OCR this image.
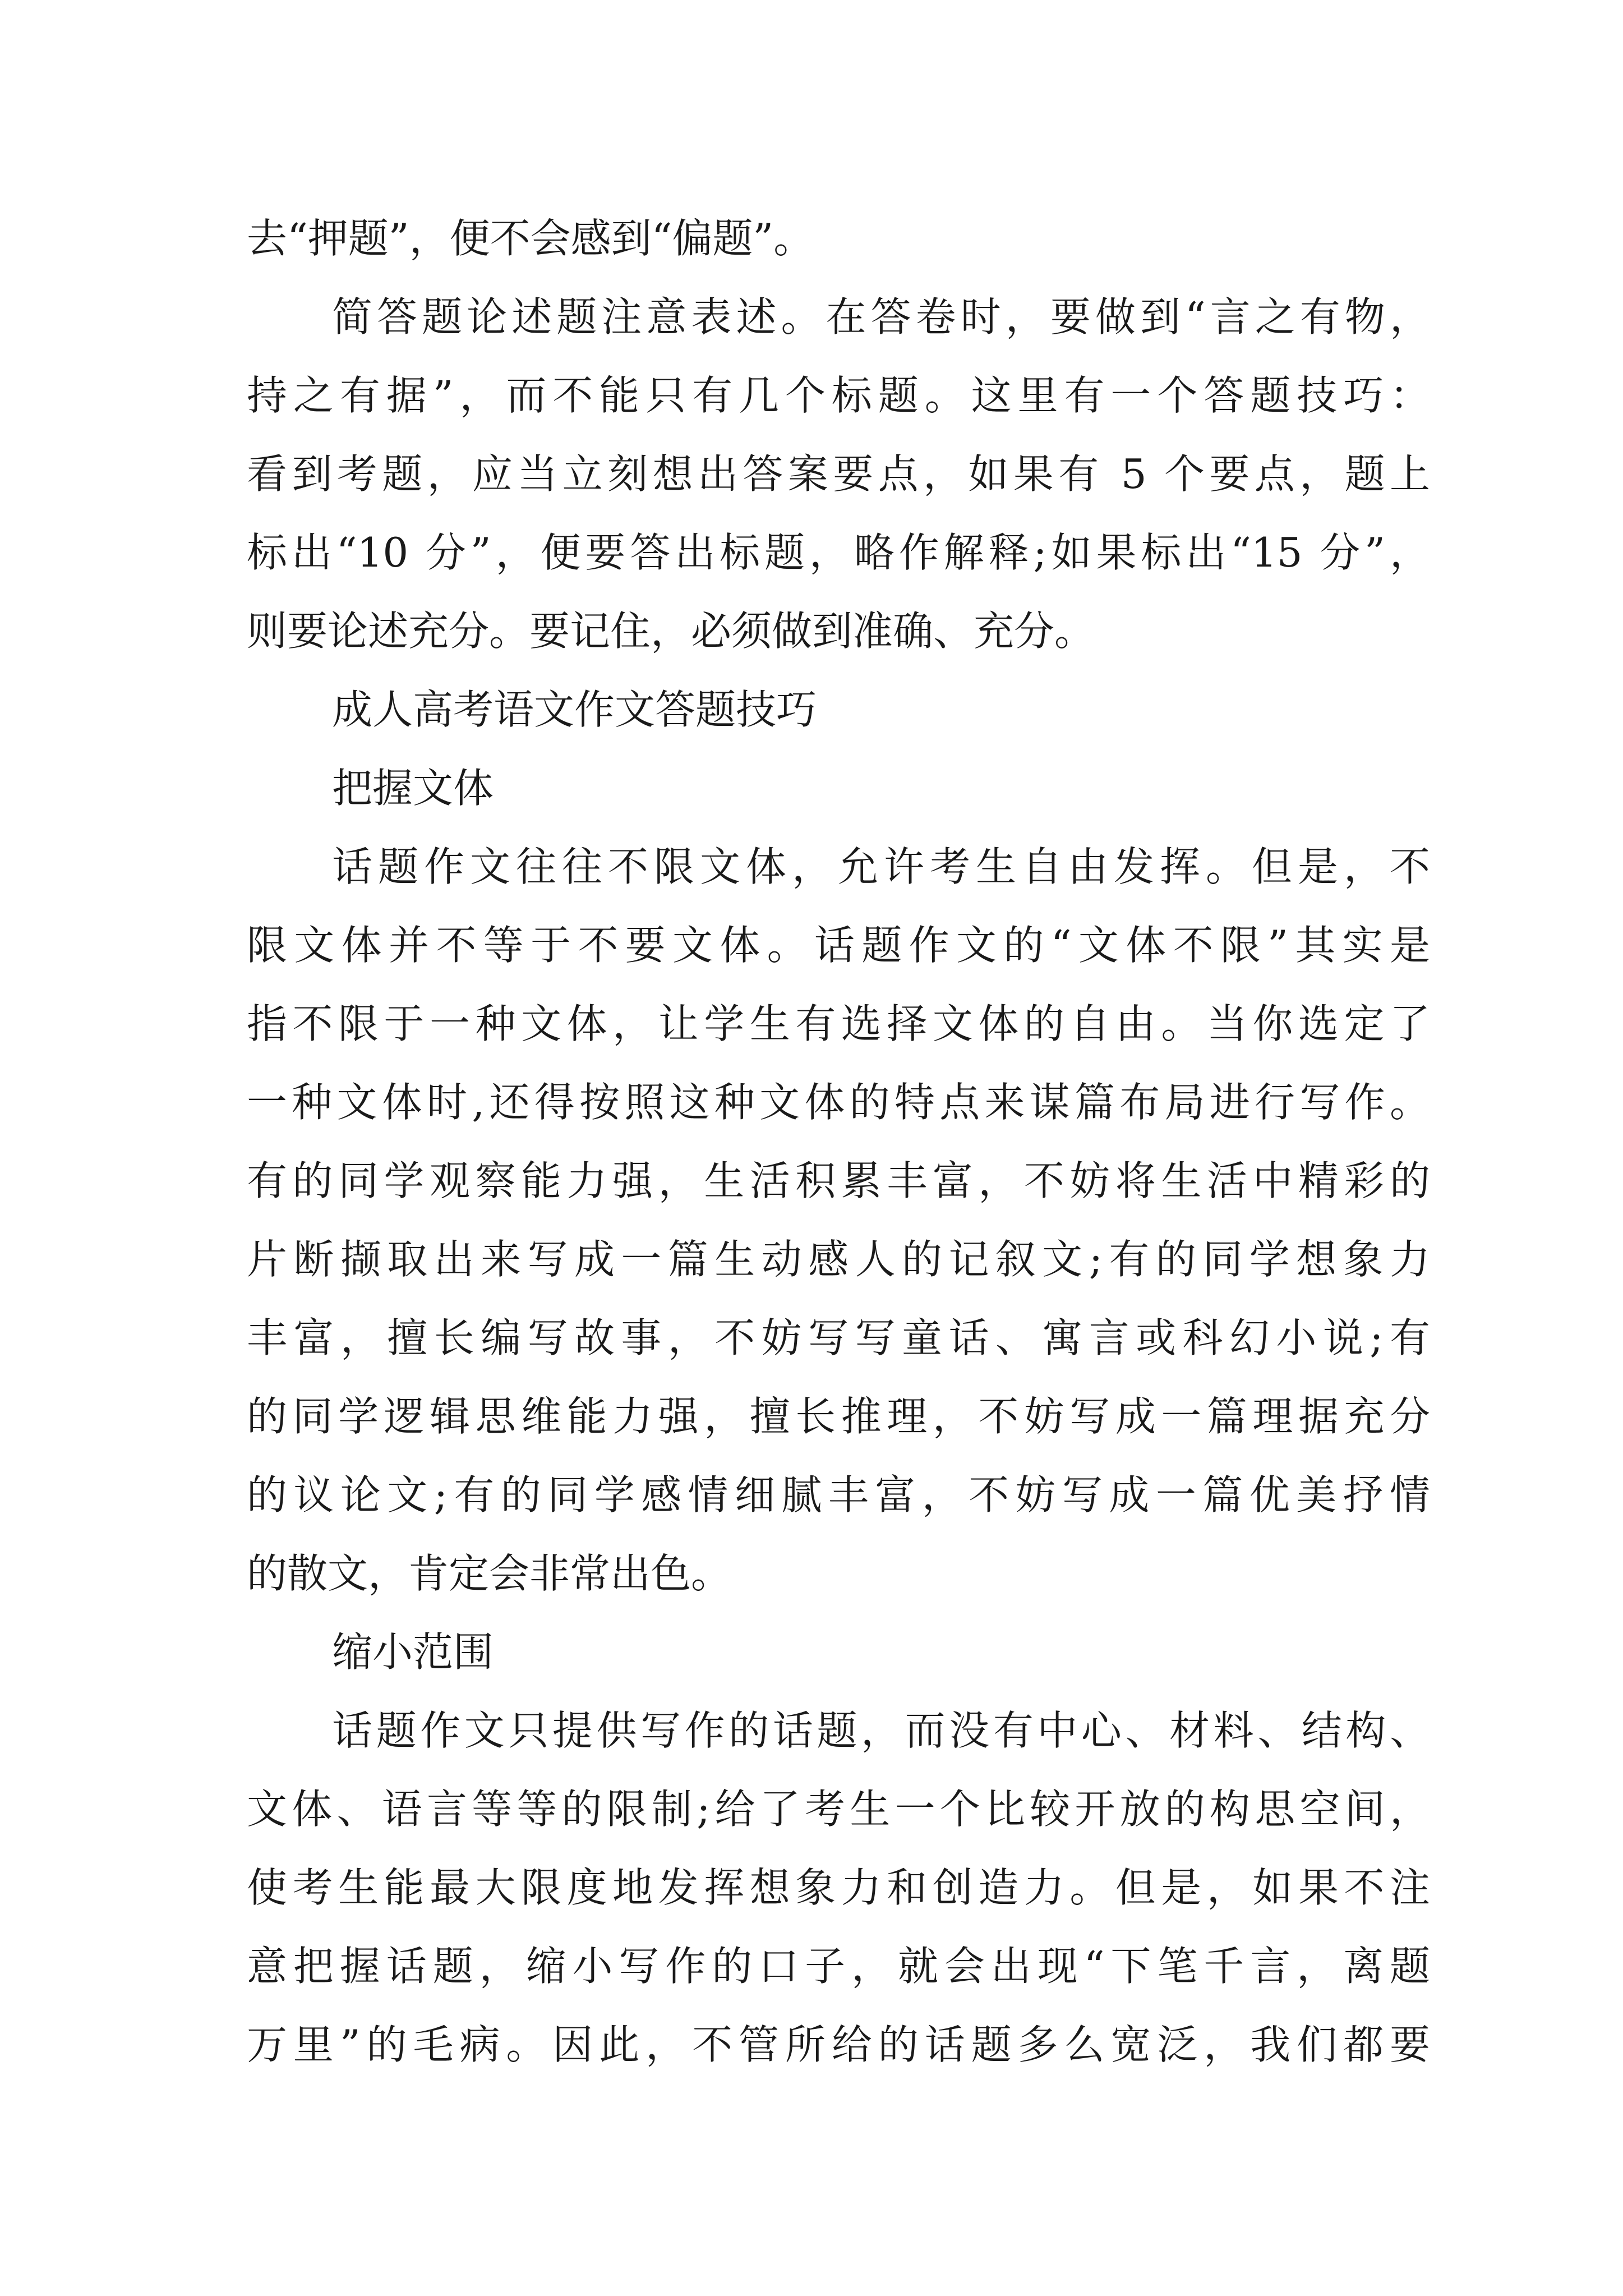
去“押题”，便不会感到“偏题”。
简答题论述题注意表述。在答卷时，要做到“言之有物，
持之有据”，而不能只有几个标题。这里有一个答题技巧：
看到考题，应当立刻想出答案要点，如果有 5 个要点，题上
标出“10 分”，便要答出标题，略作解释;如果标出“15 分”，
则要论述充分。要记住，必须做到准确、充分。
成人高考语文作文答题技巧
把握文体
话题作文往往不限文体，允许考生自由发挥。但是，不
限文体并不等于不要文体。话题作文的“文体不限”其实是
指不限于一种文体，让学生有选择文体的自由。当你选定了
一种文体时,还得按照这种文体的特点来谋篇布局进行写作。
有的同学观察能力强，生活积累丰富，不妨将生活中精彩的
片断撷取出来写成一篇生动感人的记叙文;有的同学想象力
丰富，擅长编写故事，不妨写写童话、寓言或科幻小说;有
的同学逻辑思维能力强，擅长推理，不妨写成一篇理据充分
的议论文;有的同学感情细腻丰富，不妨写成一篇优美抒情
的散文，肯定会非常出色。
缩小范围
话题作文只提供写作的话题，而没有中心、材料、结构、
文体、语言等等的限制;给了考生一个比较开放的构思空间，
使考生能最大限度地发挥想象力和创造力。但是，如果不注
意把握话题，缩小写作的口子，就会出现“下笔千言，离题
万里”的毛病。因此，不管所给的话题多么宽泛，我们都要
